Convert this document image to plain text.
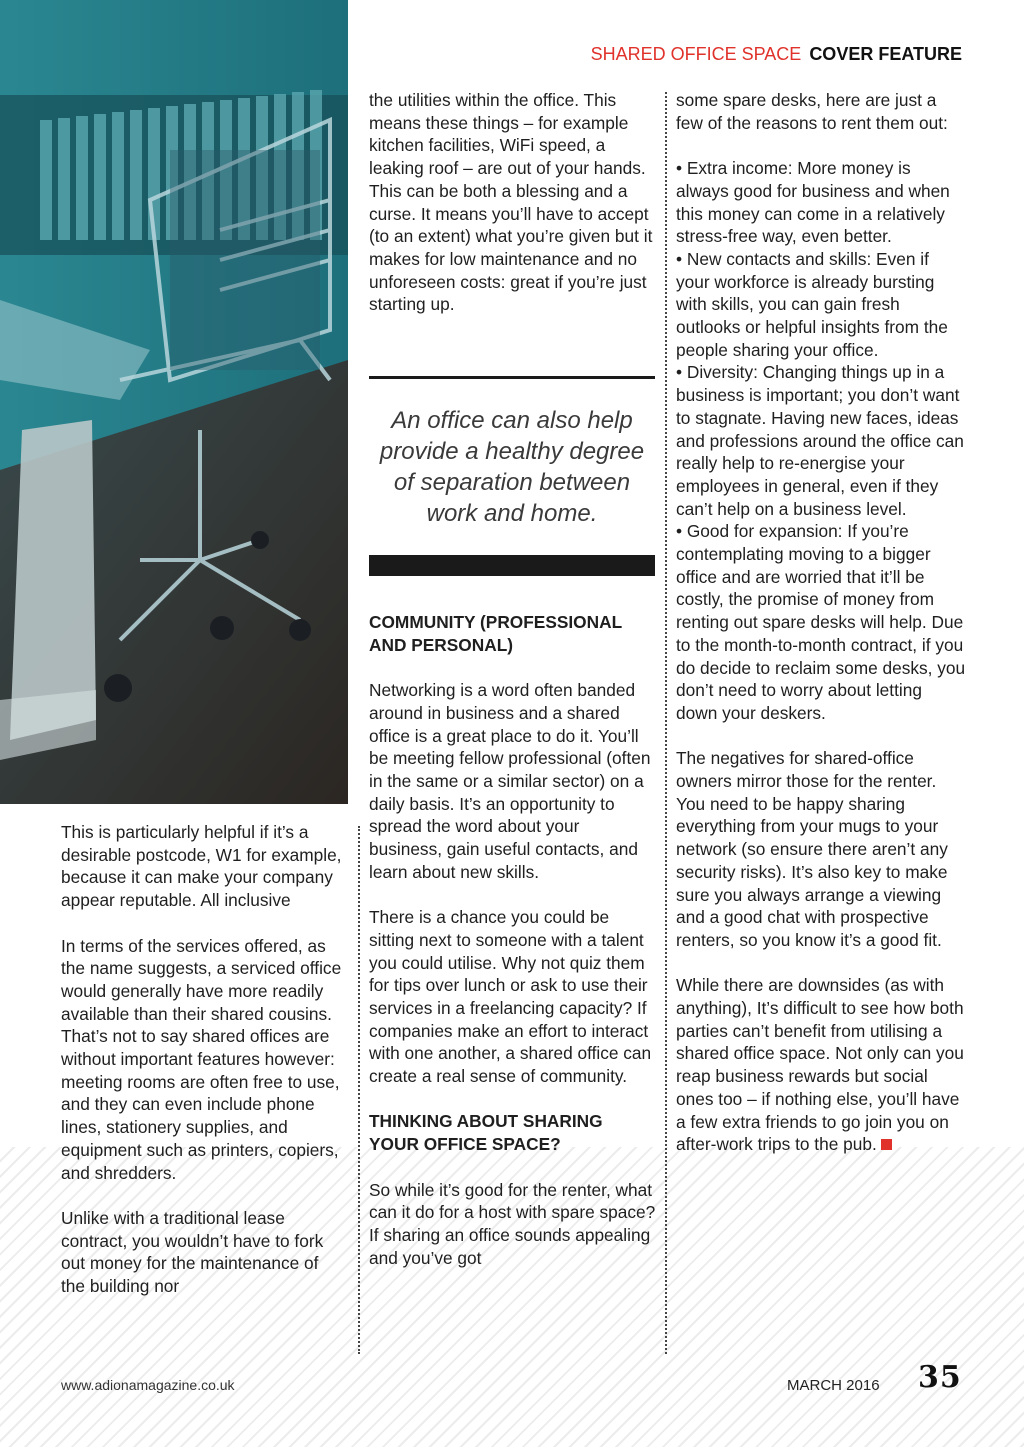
SHARED OFFICE SPACE COVER FEATURE

This is particularly helpful if it’s a desirable postcode, W1 for example, because it can make your company appear reputable. All inclusive

In terms of the services offered, as the name suggests, a serviced office would generally have more readily available than their shared cousins. That’s not to say shared offices are without important features however: meeting rooms are often free to use, and they can even include phone lines, stationery supplies, and equipment such as printers, copiers, and shredders.

Unlike with a traditional lease contract, you wouldn’t have to fork out money for the maintenance of the building nor

the utilities within the office. This means these things – for example kitchen facilities, WiFi speed, a leaking roof – are out of your hands. This can be both a blessing and a curse. It means you’ll have to accept (to an extent) what you’re given but it makes for low maintenance and no unforeseen costs: great if you’re just starting up.

An office can also help provide a healthy degree of separation between work and home.
COMMUNITY (PROFESSIONAL AND PERSONAL)

Networking is a word often banded around in business and a shared office is a great place to do it. You’ll be meeting fellow professional (often in the same or a similar sector) on a daily basis. It’s an opportunity to spread the word about your business, gain useful contacts, and learn about new skills.

There is a chance you could be sitting next to someone with a talent you could utilise. Why not quiz them for tips over lunch or ask to use their services in a freelancing capacity? If companies make an effort to interact with one another, a shared office can create a real sense of community.

THINKING ABOUT SHARING YOUR OFFICE SPACE?

So while it’s good for the renter, what can it do for a host with spare space? If sharing an office sounds appealing and you’ve got

some spare desks, here are just a few of the reasons to rent them out:

• Extra income: More money is always good for business and when this money can come in a relatively stress-free way, even better.
• New contacts and skills: Even if your workforce is already bursting with skills, you can gain fresh outlooks or helpful insights from the people sharing your office.
• Diversity: Changing things up in a business is important; you don’t want to stagnate. Having new faces, ideas and professions around the office can really help to re-energise your employees in general, even if they can’t help on a business level.
• Good for expansion: If you’re contemplating moving to a bigger office and are worried that it’ll be costly, the promise of money from renting out spare desks will help. Due to the month-to-month contract, if you do decide to reclaim some desks, you don’t need to worry about letting down your deskers.

The negatives for shared-office owners mirror those for the renter. You need to be happy sharing everything from your mugs to your network (so ensure there aren’t any security risks). It’s also key to make sure you always arrange a viewing and a good chat with prospective renters, so you know it’s a good fit.

While there are downsides (as with anything), It’s difficult to see how both parties can’t benefit from utilising a shared office space. Not only can you reap business rewards but social ones too – if nothing else, you’ll have a few extra friends to go join you on after-work trips to the pub.

www.adionamagazine.co.uk	MARCH 2016 35
